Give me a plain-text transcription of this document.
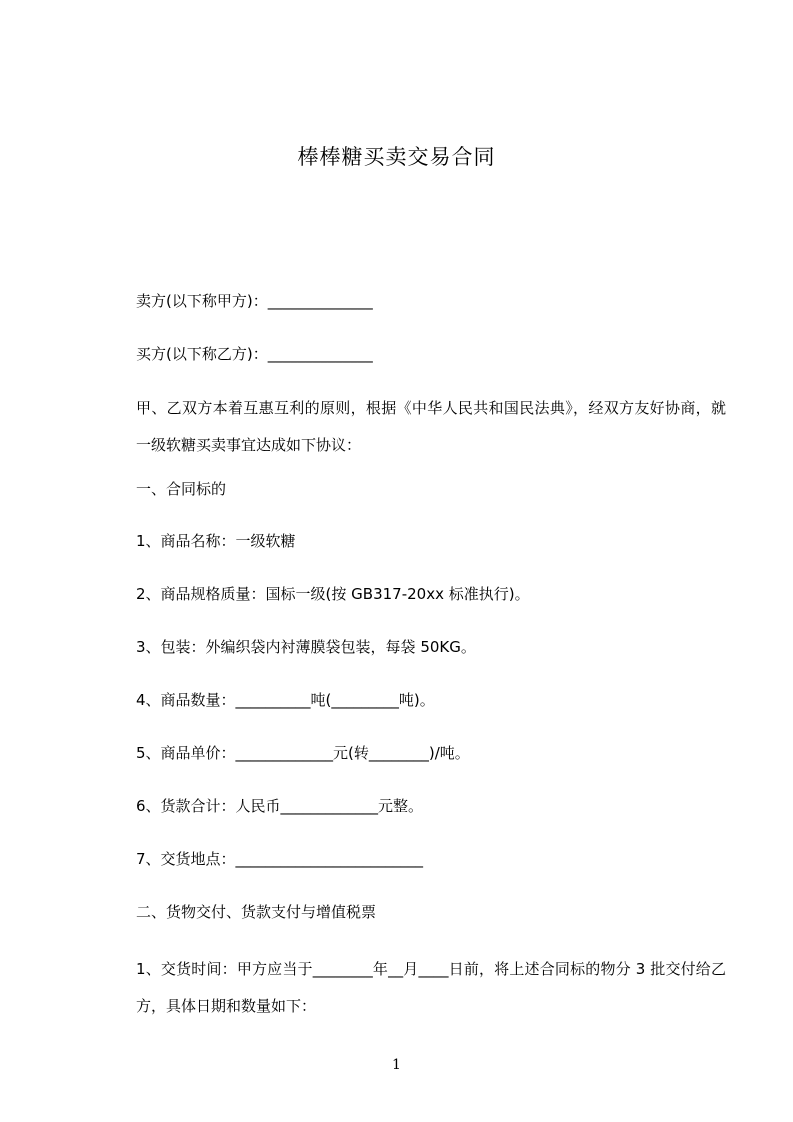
棒棒糖买卖交易合同
卖方(以下称甲方)：______________
买方(以下称乙方)：______________
甲、乙双方本着互惠互利的原则，根据《中华人民共和国民法典》，经双方友好协商，就一级软糖买卖事宜达成如下协议：
一、合同标的
1、商品名称：一级软糖
2、商品规格质量：国标一级(按 GB317-20xx 标准执行)。
3、包装：外编织袋内衬薄膜袋包装，每袋 50KG。
4、商品数量：__________吨(_________吨)。
5、商品单价：_____________元(转________)/吨。
6、货款合计：人民币_____________元整。
7、交货地点：_________________________
二、货物交付、货款支付与增值税票
1、交货时间：甲方应当于________年__月____日前，将上述合同标的物分 3 批交付给乙方，具体日期和数量如下：
1
